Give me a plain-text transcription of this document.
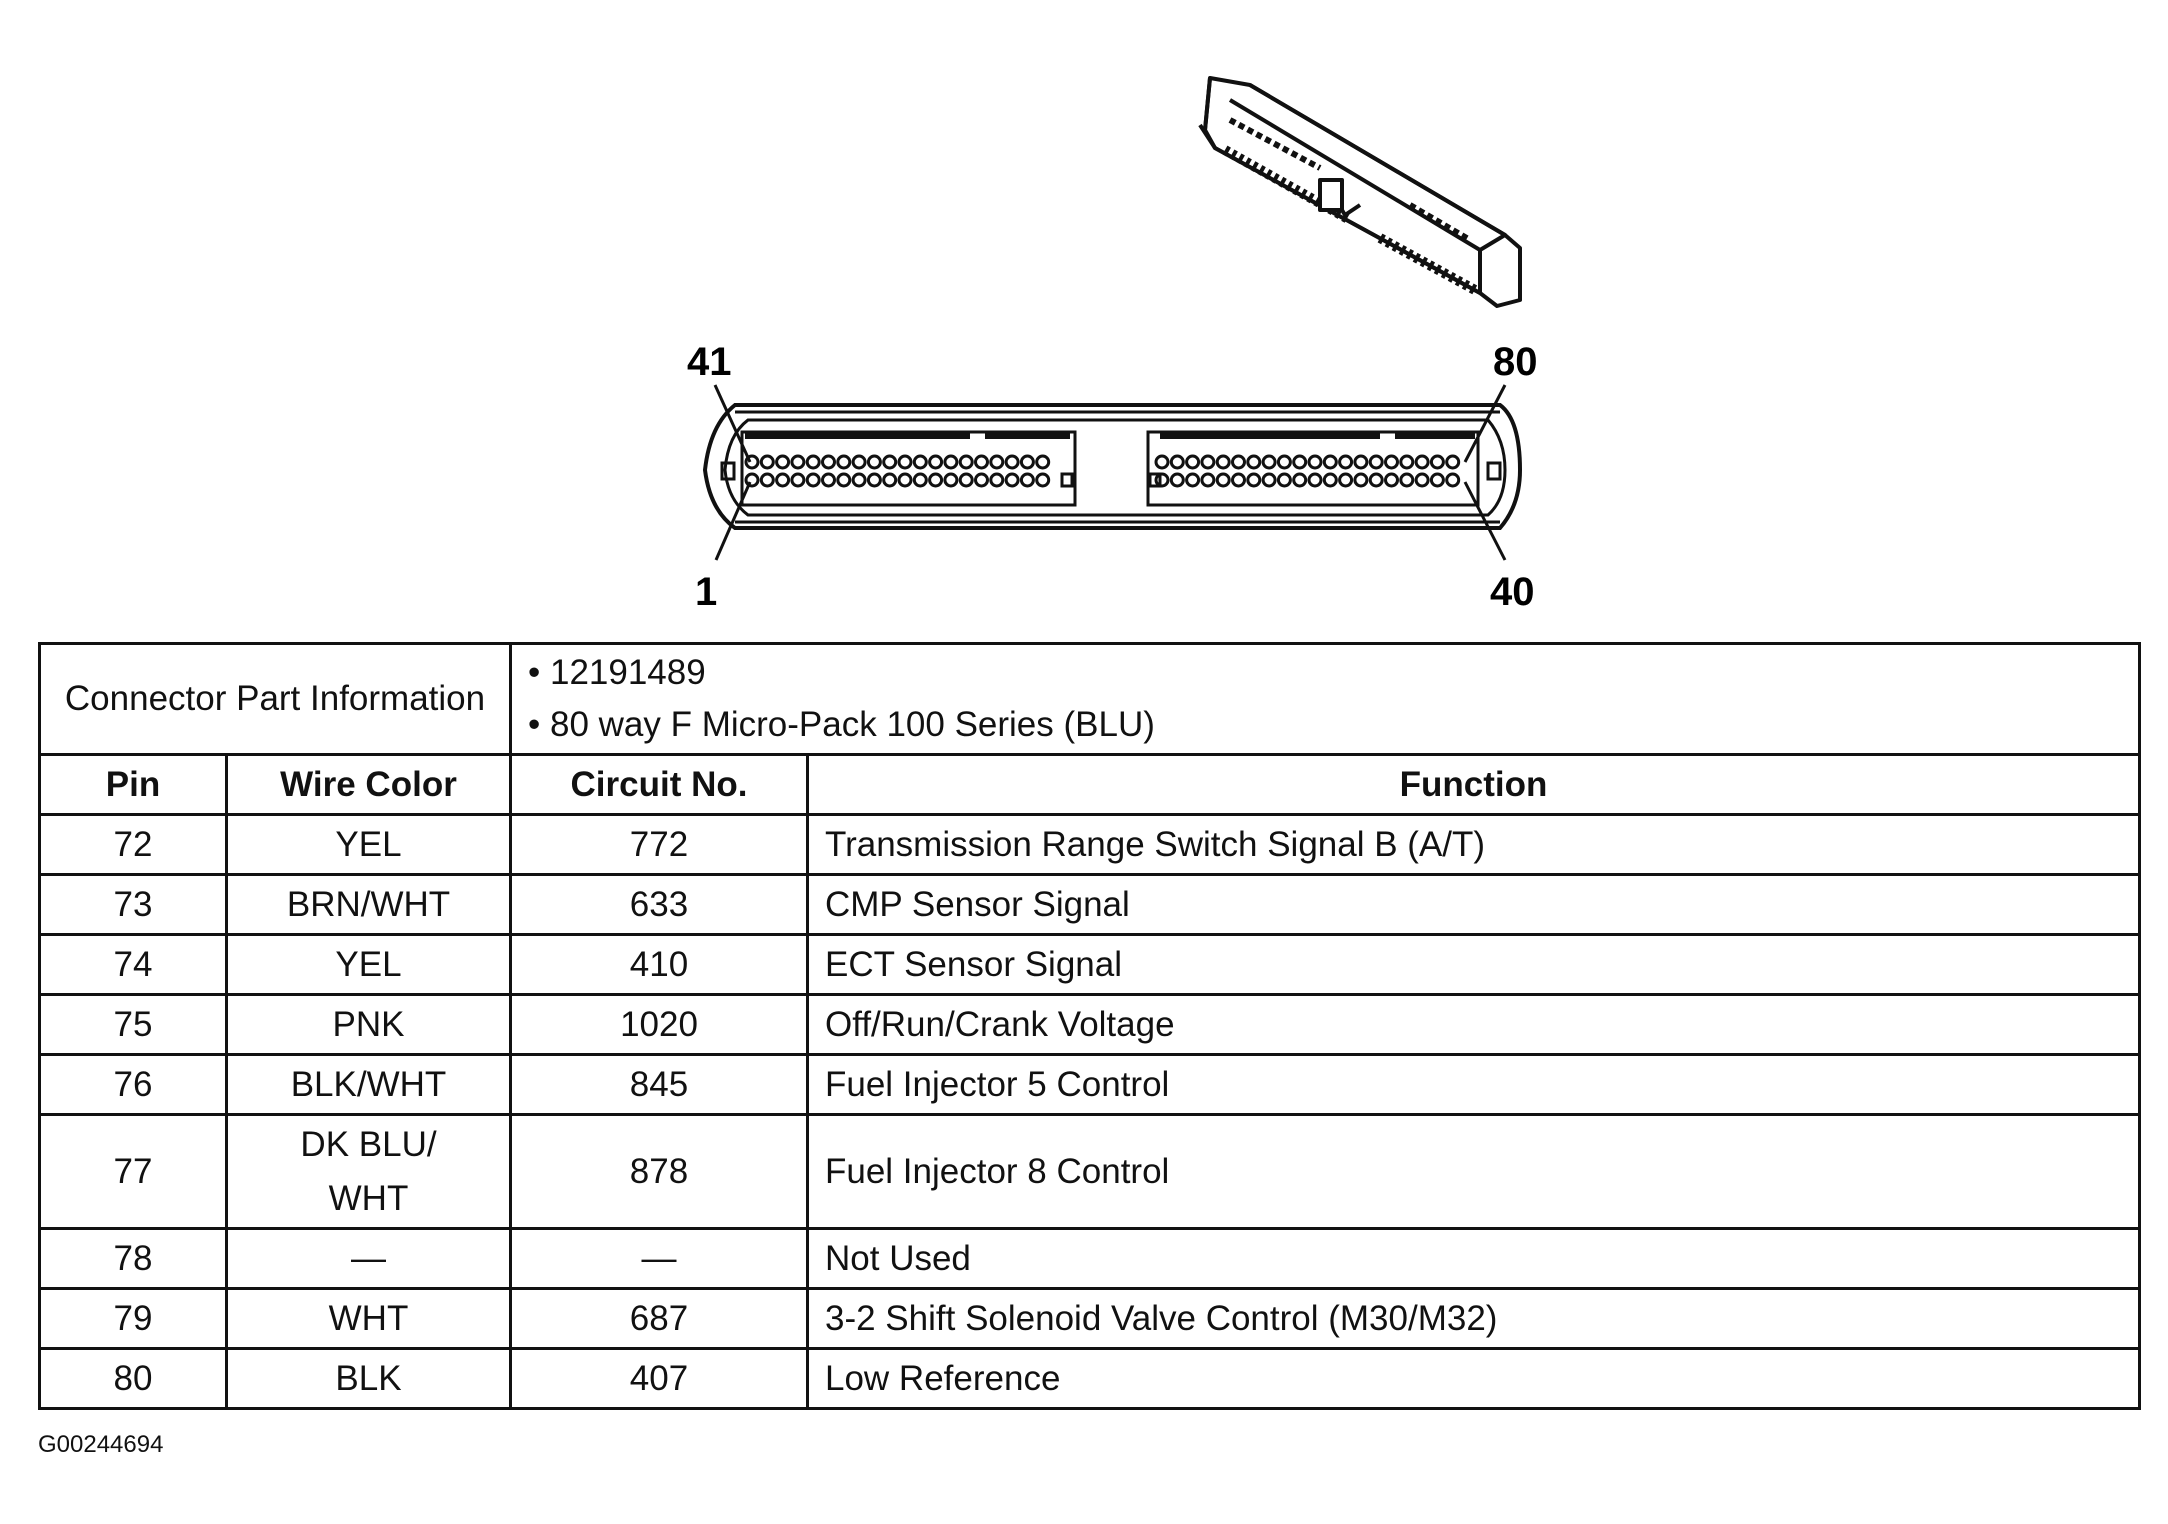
41	80
1	40
Connector Part Information		• 12191489
• 80 way F Micro-Pack 100 Series (BLU)	

Pin	Wire Color	Circuit No.	Function
72	YEL	772	Transmission Range Switch Signal B (A/T)
73	BRN/WHT	633	CMP Sensor Signal
74	YEL	410	ECT Sensor Signal
75	PNK	1020	Off/Run/Crank Voltage
76	BLK/WHT	845	Fuel Injector 5 Control
77	DK BLU/ WHT	878	Fuel Injector 8 Control
78	—	—	Not Used
79	WHT	687	3-2 Shift Solenoid Valve Control (M30/M32)
80	BLK	407	Low Reference
G00244694
